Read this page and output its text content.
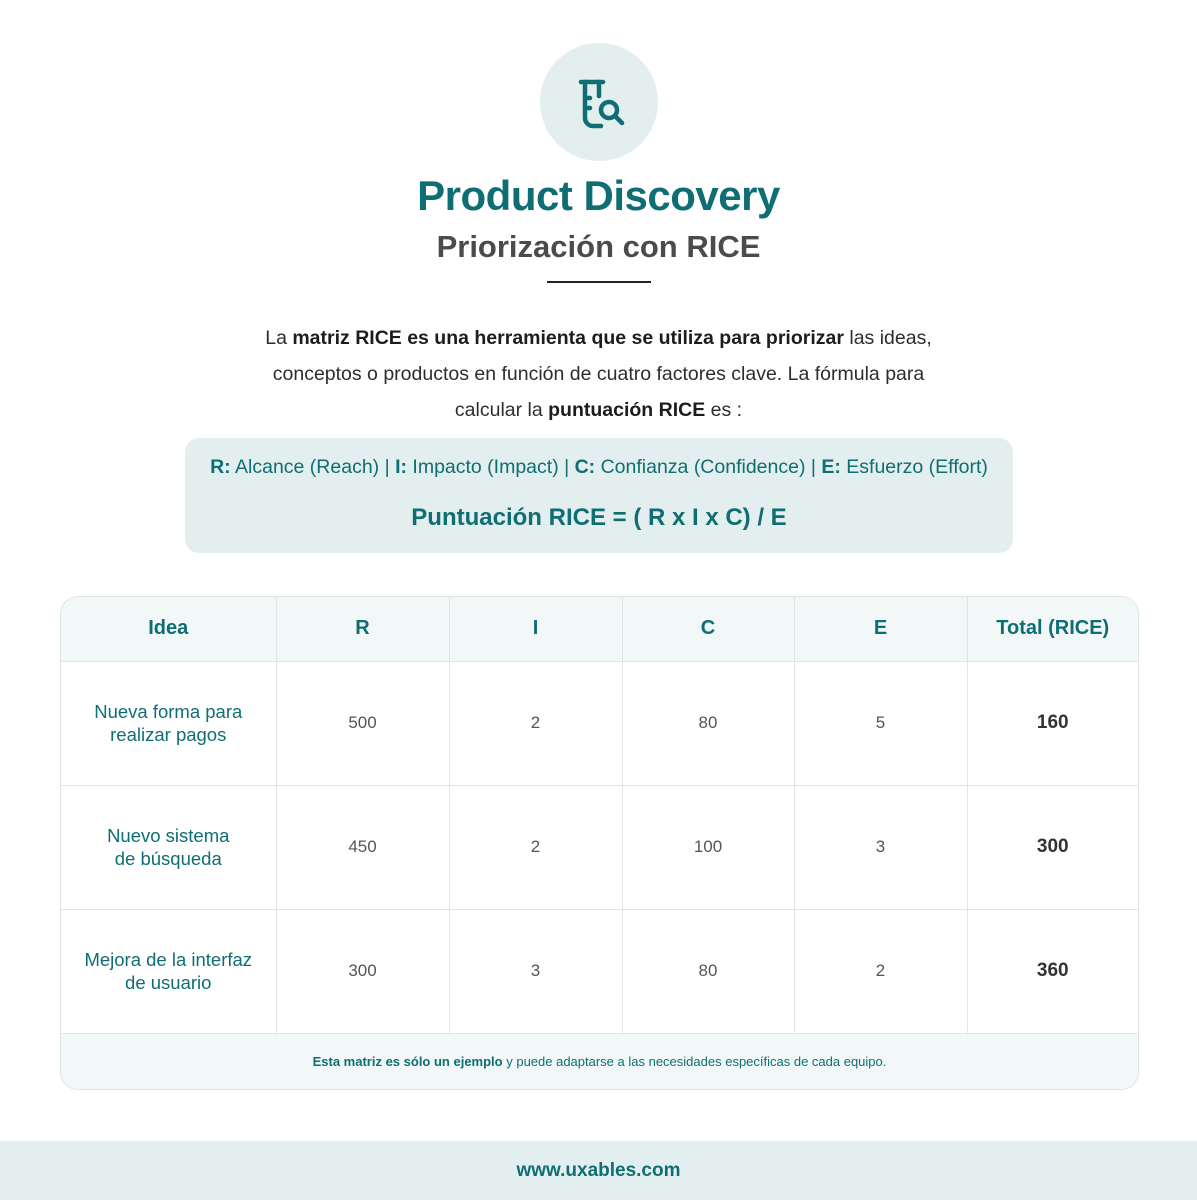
Product Discovery
Priorización con RICE

La matriz RICE es una herramienta que se utiliza para priorizar las ideas, conceptos o productos en función de cuatro factores clave. La fórmula para calcular la puntuación RICE es :

R: Alcance (Reach) | I: Impacto (Impact) | C: Confianza (Confidence) | E: Esfuerzo (Effort)
Puntuación RICE = ( R x I x C) / E
Idea	R	I	C	E	Total (RICE)
Nueva forma para
realizar pagos	500	2	80	5	160
Nuevo sistema
de búsqueda	450	2	100	3	300
Mejora de la interfaz
de usuario	300	3	80	2	360
Esta matriz es sólo un ejemplo y puede adaptarse a las necesidades específicas de cada equipo.
www.uxables.com
